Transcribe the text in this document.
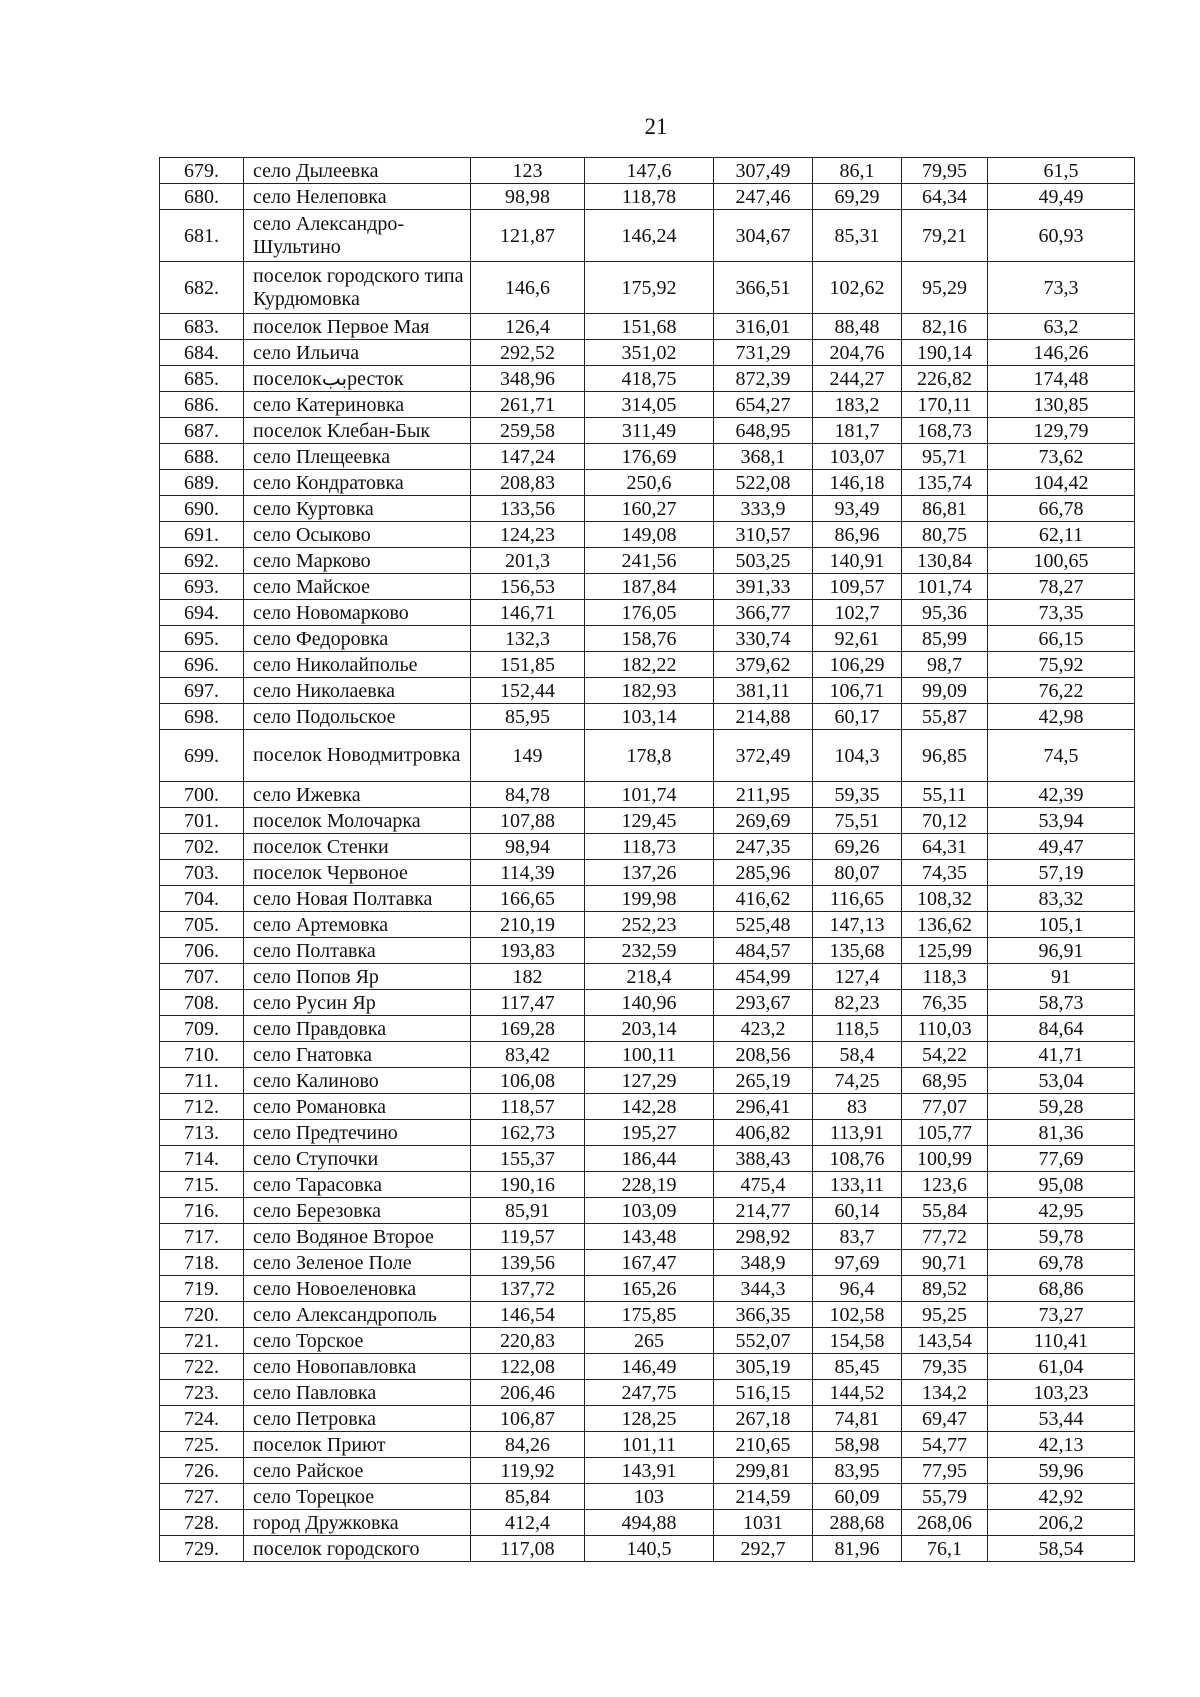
21
679.	село Дылеевка	123	147,6	307,49	86,1	79,95	61,5
680.	село Нелеповка	98,98	118,78	247,46	69,29	64,34	49,49
681.	село Александро-Шультино	121,87	146,24	304,67	85,31	79,21	60,93
682.	поселок городского типа Курдюмовка	146,6	175,92	366,51	102,62	95,29	73,3
683.	поселок Первое Мая	126,4	151,68	316,01	88,48	82,16	63,2
684.	село Ильича	292,52	351,02	731,29	204,76	190,14	146,26
685.	поселокببресток	348,96	418,75	872,39	244,27	226,82	174,48
686.	село Катериновка	261,71	314,05	654,27	183,2	170,11	130,85
687.	поселок Клебан-Бык	259,58	311,49	648,95	181,7	168,73	129,79
688.	село Плещеевка	147,24	176,69	368,1	103,07	95,71	73,62
689.	село Кондратовка	208,83	250,6	522,08	146,18	135,74	104,42
690.	село Куртовка	133,56	160,27	333,9	93,49	86,81	66,78
691.	село Осыково	124,23	149,08	310,57	86,96	80,75	62,11
692.	село Марково	201,3	241,56	503,25	140,91	130,84	100,65
693.	село Майское	156,53	187,84	391,33	109,57	101,74	78,27
694.	село Новомарково	146,71	176,05	366,77	102,7	95,36	73,35
695.	село Федоровка	132,3	158,76	330,74	92,61	85,99	66,15
696.	село Николайполье	151,85	182,22	379,62	106,29	98,7	75,92
697.	село Николаевка	152,44	182,93	381,11	106,71	99,09	76,22
698.	село Подольское	85,95	103,14	214,88	60,17	55,87	42,98
699.	поселок Новодмитровка	149	178,8	372,49	104,3	96,85	74,5
700.	село Ижевка	84,78	101,74	211,95	59,35	55,11	42,39
701.	поселок Молочарка	107,88	129,45	269,69	75,51	70,12	53,94
702.	поселок Стенки	98,94	118,73	247,35	69,26	64,31	49,47
703.	поселок Червоное	114,39	137,26	285,96	80,07	74,35	57,19
704.	село Новая Полтавка	166,65	199,98	416,62	116,65	108,32	83,32
705.	село Артемовка	210,19	252,23	525,48	147,13	136,62	105,1
706.	село Полтавка	193,83	232,59	484,57	135,68	125,99	96,91
707.	село Попов Яр	182	218,4	454,99	127,4	118,3	91
708.	село Русин Яр	117,47	140,96	293,67	82,23	76,35	58,73
709.	село Правдовка	169,28	203,14	423,2	118,5	110,03	84,64
710.	село Гнатовка	83,42	100,11	208,56	58,4	54,22	41,71
711.	село Калиново	106,08	127,29	265,19	74,25	68,95	53,04
712.	село Романовка	118,57	142,28	296,41	83	77,07	59,28
713.	село Предтечино	162,73	195,27	406,82	113,91	105,77	81,36
714.	село Ступочки	155,37	186,44	388,43	108,76	100,99	77,69
715.	село Тарасовка	190,16	228,19	475,4	133,11	123,6	95,08
716.	село Березовка	85,91	103,09	214,77	60,14	55,84	42,95
717.	село Водяное Второе	119,57	143,48	298,92	83,7	77,72	59,78
718.	село Зеленое Поле	139,56	167,47	348,9	97,69	90,71	69,78
719.	село Новоеленовка	137,72	165,26	344,3	96,4	89,52	68,86
720.	село Александрополь	146,54	175,85	366,35	102,58	95,25	73,27
721.	село Торское	220,83	265	552,07	154,58	143,54	110,41
722.	село Новопавловка	122,08	146,49	305,19	85,45	79,35	61,04
723.	село Павловка	206,46	247,75	516,15	144,52	134,2	103,23
724.	село Петровка	106,87	128,25	267,18	74,81	69,47	53,44
725.	поселок Приют	84,26	101,11	210,65	58,98	54,77	42,13
726.	село Райское	119,92	143,91	299,81	83,95	77,95	59,96
727.	село Торецкое	85,84	103	214,59	60,09	55,79	42,92
728.	город Дружковка	412,4	494,88	1031	288,68	268,06	206,2
729.	поселок городского	117,08	140,5	292,7	81,96	76,1	58,54
